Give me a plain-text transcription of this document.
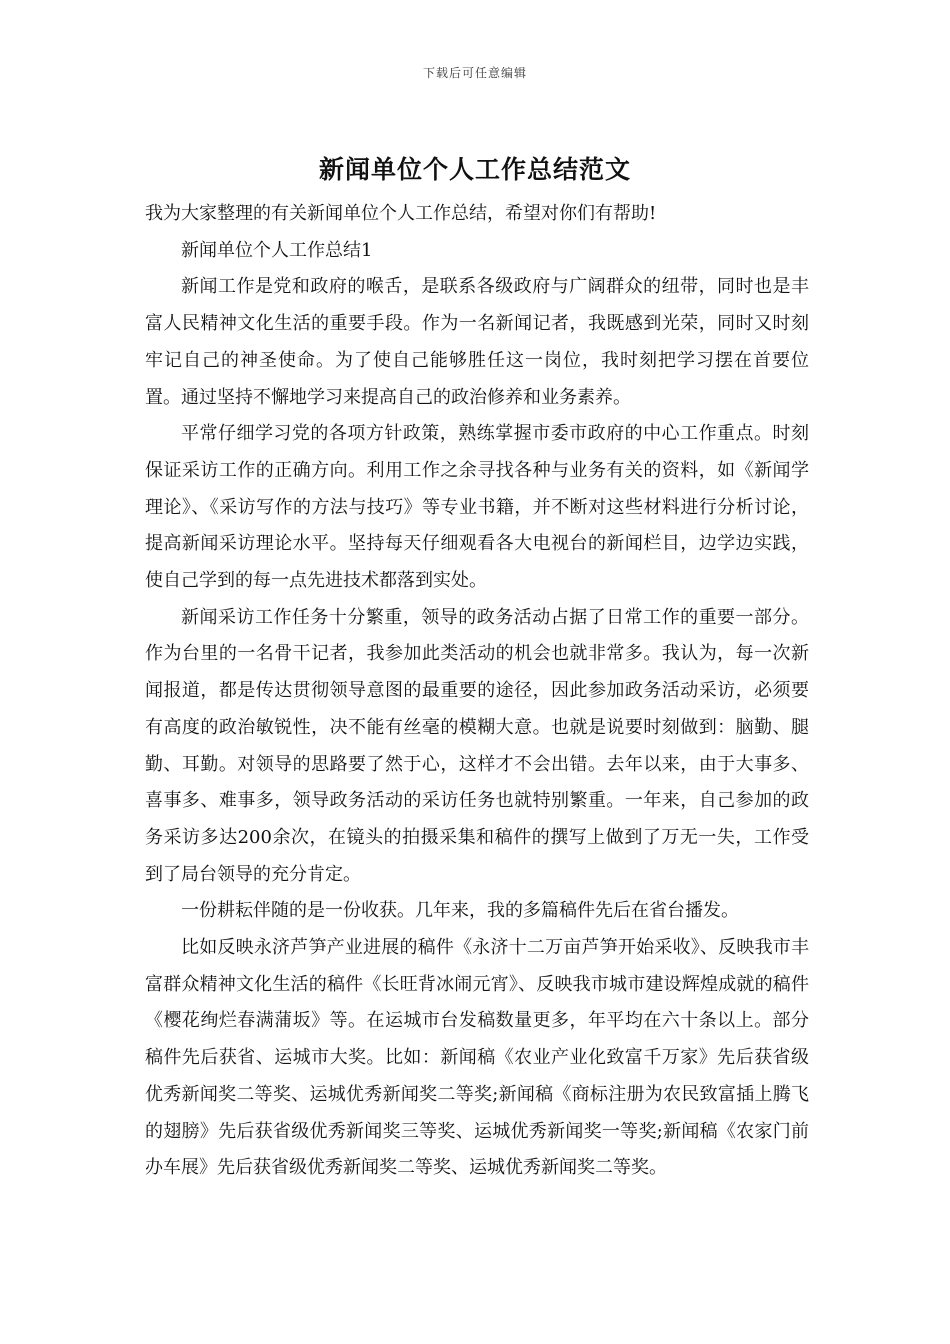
下载后可任意编辑
新闻单位个人工作总结范文

我为大家整理的有关新闻单位个人工作总结，希望对你们有帮助!

新闻单位个人工作总结1

新闻工作是党和政府的喉舌，是联系各级政府与广阔群众的纽带，同时也是丰富人民精神文化生活的重要手段。作为一名新闻记者，我既感到光荣，同时又时刻牢记自己的神圣使命。为了使自己能够胜任这一岗位，我时刻把学习摆在首要位置。通过坚持不懈地学习来提高自己的政治修养和业务素养。

平常仔细学习党的各项方针政策，熟练掌握市委市政府的中心工作重点。时刻保证采访工作的正确方向。利用工作之余寻找各种与业务有关的资料，如《新闻学理论》、《采访写作的方法与技巧》等专业书籍，并不断对这些材料进行分析讨论，提高新闻采访理论水平。坚持每天仔细观看各大电视台的新闻栏目，边学边实践，使自己学到的每一点先进技术都落到实处。

新闻采访工作任务十分繁重，领导的政务活动占据了日常工作的重要一部分。作为台里的一名骨干记者，我参加此类活动的机会也就非常多。我认为，每一次新闻报道，都是传达贯彻领导意图的最重要的途径，因此参加政务活动采访，必须要有高度的政治敏锐性，决不能有丝毫的模糊大意。也就是说要时刻做到：脑勤、腿勤、耳勤。对领导的思路要了然于心，这样才不会出错。去年以来，由于大事多、喜事多、难事多，领导政务活动的采访任务也就特别繁重。一年来，自己参加的政务采访多达200余次，在镜头的拍摄采集和稿件的撰写上做到了万无一失，工作受到了局台领导的充分肯定。

一份耕耘伴随的是一份收获。几年来，我的多篇稿件先后在省台播发。

比如反映永济芦笋产业进展的稿件《永济十二万亩芦笋开始采收》、反映我市丰富群众精神文化生活的稿件《长旺背冰闹元宵》、反映我市城市建设辉煌成就的稿件《樱花绚烂春满蒲坂》等。在运城市台发稿数量更多，年平均在六十条以上。部分稿件先后获省、运城市大奖。比如：新闻稿《农业产业化致富千万家》先后获省级优秀新闻奖二等奖、运城优秀新闻奖二等奖;新闻稿《商标注册为农民致富插上腾飞的翅膀》先后获省级优秀新闻奖三等奖、运城优秀新闻奖一等奖;新闻稿《农家门前办车展》先后获省级优秀新闻奖二等奖、运城优秀新闻奖二等奖。
